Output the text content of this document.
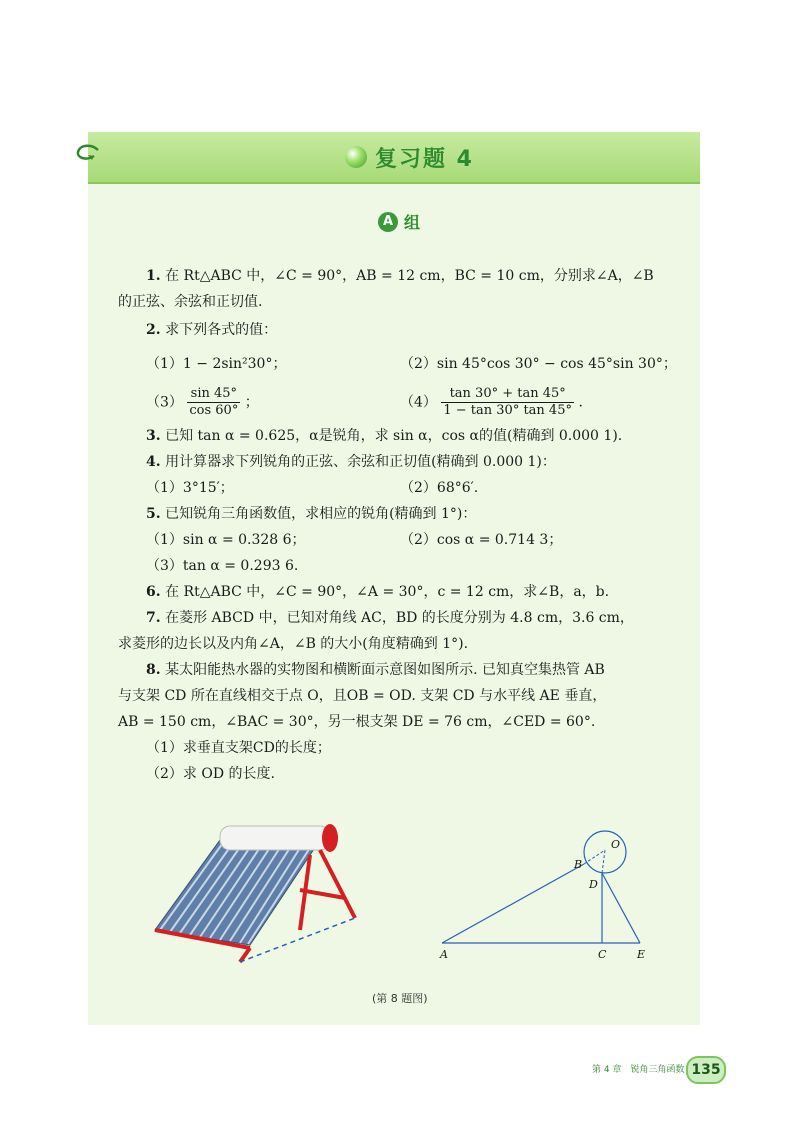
复习题 4
A 组
1. 在 Rt△ABC 中，∠C = 90°，AB = 12 cm，BC = 10 cm，分别求∠A，∠B
的正弦、余弦和正切值.
2. 求下列各式的值：
（1）1 − 2sin²30°；	（2）sin 45°cos 30° − cos 45°sin 30°；
$(3) \frac{\sin 45^\circ}{\cos 60^\circ}$ ；	$(4) \frac{\tan 30^\circ + \tan 45^\circ}{1 - \tan 30^\circ \tan 45^\circ}$ .
3. 已知 tan α = 0.625，α是锐角，求 sin α，cos α的值(精确到 0.000 1).
4. 用计算器求下列锐角的正弦、余弦和正切值(精确到 0.000 1)：
（1）3°15′；	（2）68°6′.
5. 已知锐角三角函数值，求相应的锐角(精确到 1°)：
（1）sin α = 0.328 6；	（2）cos α = 0.714 3；
（3）tan α = 0.293 6.
6. 在 Rt△ABC 中，∠C = 90°，∠A = 30°，c = 12 cm，求∠B，a，b.
7. 在菱形 ABCD 中，已知对角线 AC，BD 的长度分别为 4.8 cm，3.6 cm，
求菱形的边长以及内角∠A，∠B 的大小(角度精确到 1°).
8. 某太阳能热水器的实物图和横断面示意图如图所示. 已知真空集热管 AB
与支架 CD 所在直线相交于点 O，且OB = OD. 支架 CD 与水平线 AE 垂直，
AB = 150 cm，∠BAC = 30°，另一根支架 DE = 76 cm，∠CED = 60°.
（1）求垂直支架CD的长度；
（2）求 OD 的长度.
O
B
D
A	C	E
(第 8 题图)
第 4 章　锐角三角函数 135
